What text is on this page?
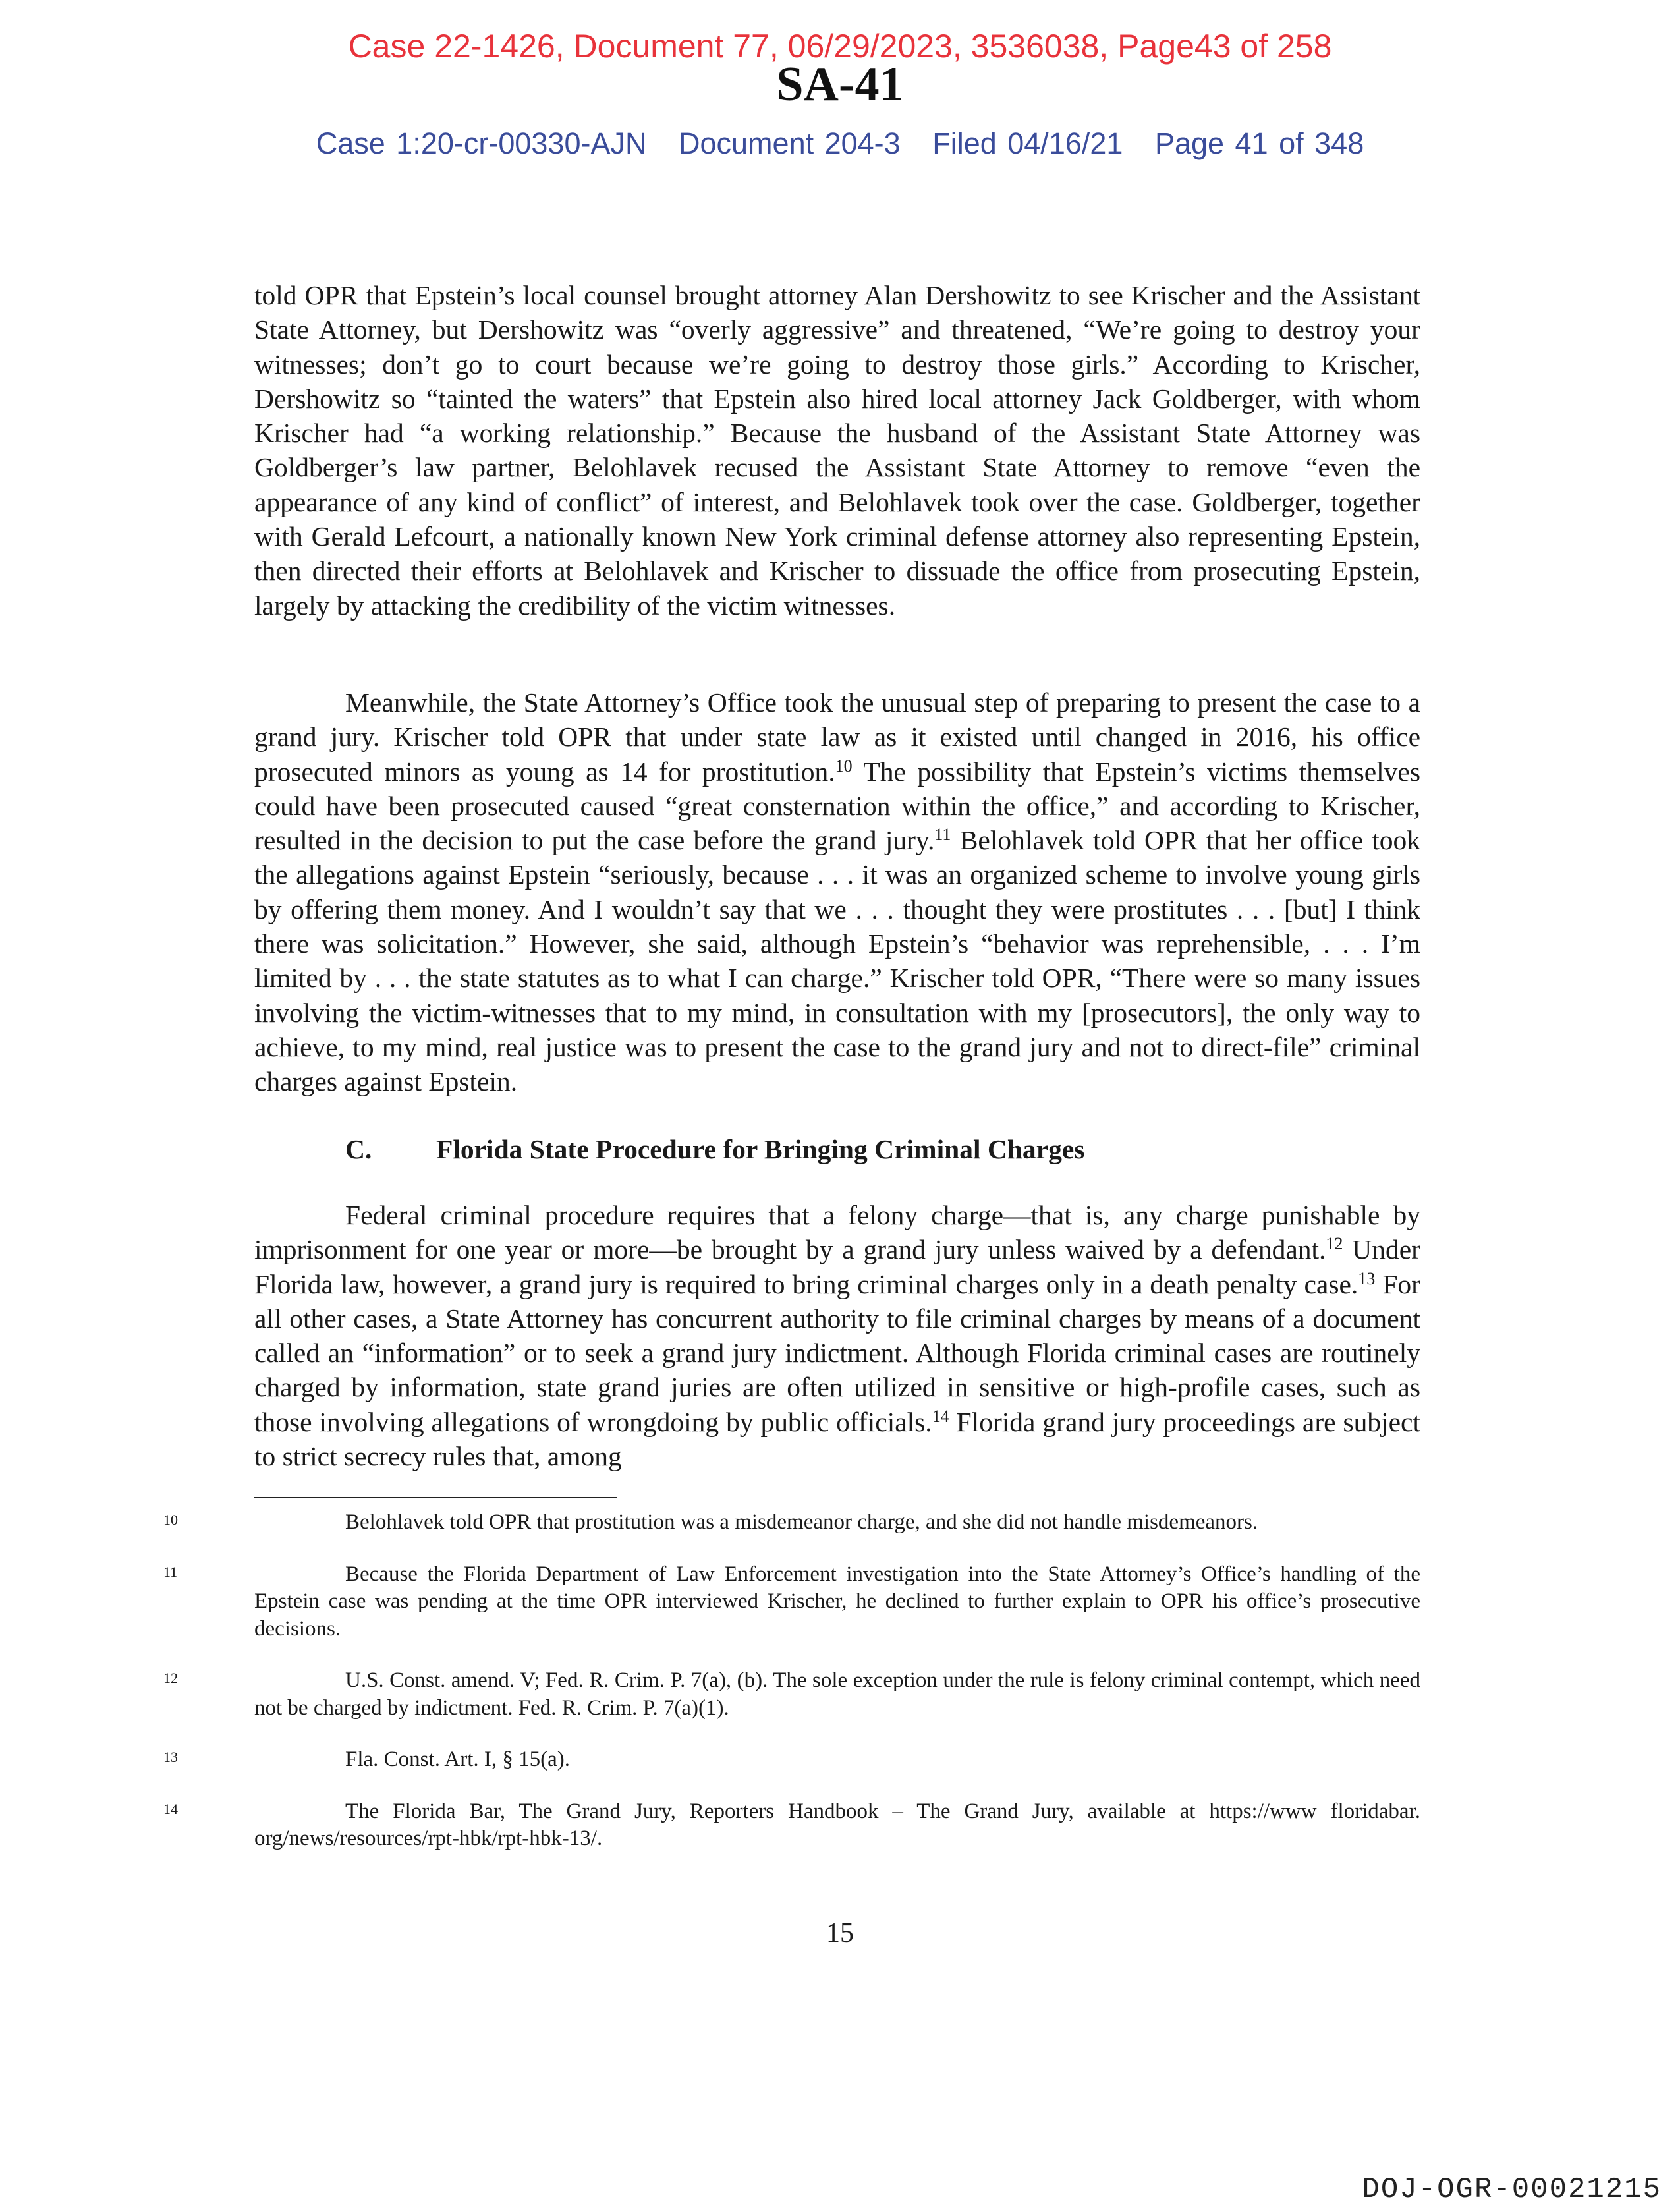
Case 22-1426, Document 77, 06/29/2023, 3536038, Page43 of 258
SA-41
Case 1:20-cr-00330-AJN Document 204-3 Filed 04/16/21 Page 41 of 348

told OPR that Epstein’s local counsel brought attorney Alan Dershowitz to see Krischer and the Assistant State Attorney, but Dershowitz was “overly aggressive” and threatened, “We’re going to destroy your witnesses; don’t go to court because we’re going to destroy those girls.” According to Krischer, Dershowitz so “tainted the waters” that Epstein also hired local attorney Jack Goldberger, with whom Krischer had “a working relationship.” Because the husband of the Assistant State Attorney was Goldberger’s law partner, Belohlavek recused the Assistant State Attorney to remove “even the appearance of any kind of conflict” of interest, and Belohlavek took over the case. Goldberger, together with Gerald Lefcourt, a nationally known New York criminal defense attorney also representing Epstein, then directed their efforts at Belohlavek and Krischer to dissuade the office from prosecuting Epstein, largely by attacking the credibility of the victim witnesses.

Meanwhile, the State Attorney’s Office took the unusual step of preparing to present the case to a grand jury. Krischer told OPR that under state law as it existed until changed in 2016, his office prosecuted minors as young as 14 for prostitution.$^{10}$ The possibility that Epstein’s victims themselves could have been prosecuted caused “great consternation within the office,” and according to Krischer, resulted in the decision to put the case before the grand jury.$^{11}$ Belohlavek told OPR that her office took the allegations against Epstein “seriously, because . . . it was an organized scheme to involve young girls by offering them money. And I wouldn’t say that we . . . thought they were prostitutes . . . [but] I think there was solicitation.” However, she said, although Epstein’s “behavior was reprehensible, . . . I’m limited by . . . the state statutes as to what I can charge.” Krischer told OPR, “There were so many issues involving the victim-witnesses that to my mind, in consultation with my [prosecutors], the only way to achieve, to my mind, real justice was to present the case to the grand jury and not to direct-file” criminal charges against Epstein.

C. Florida State Procedure for Bringing Criminal Charges

Federal criminal procedure requires that a felony charge—that is, any charge punishable by imprisonment for one year or more—be brought by a grand jury unless waived by a defendant.$^{12}$ Under Florida law, however, a grand jury is required to bring criminal charges only in a death penalty case.$^{13}$ For all other cases, a State Attorney has concurrent authority to file criminal charges by means of a document called an “information” or to seek a grand jury indictment. Although Florida criminal cases are routinely charged by information, state grand juries are often utilized in sensitive or high-profile cases, such as those involving allegations of wrongdoing by public officials.$^{14}$ Florida grand jury proceedings are subject to strict secrecy rules that, among

10	Belohlavek told OPR that prostitution was a misdemeanor charge, and she did not handle misdemeanors.

11	Because the Florida Department of Law Enforcement investigation into the State Attorney’s Office’s handling of the Epstein case was pending at the time OPR interviewed Krischer, he declined to further explain to OPR his office’s prosecutive decisions.

12	U.S. Const. amend. V; Fed. R. Crim. P. 7(a), (b). The sole exception under the rule is felony criminal contempt, which need not be charged by indictment. Fed. R. Crim. P. 7(a)(1).

13	Fla. Const. Art. I, § 15(a).

14	The Florida Bar, The Grand Jury, Reporters Handbook – The Grand Jury, available at https://www floridabar. org/news/resources/rpt-hbk/rpt-hbk-13/.

15
DOJ-OGR-00021215
